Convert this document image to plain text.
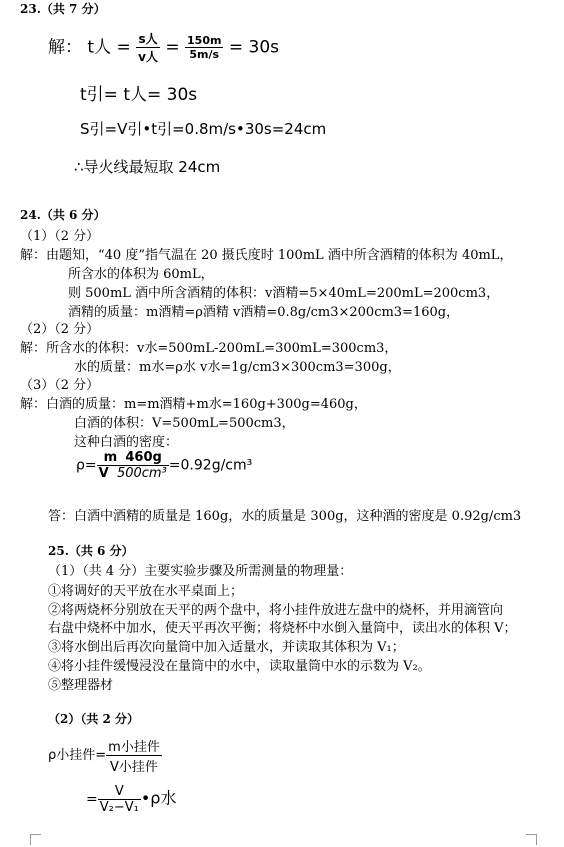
23.（共 7 分）
解： t人 = $\frac{\text{s人}}{\text{v人}} = \frac{150m}{5m/s} = 30s$
t引= t人= 30s
S引=V引•t引=0.8m/s•30s=24cm
∴导火线最短取 24cm
24.（共 6 分）
（1）（2 分）
解：由题知，“40 度”指气温在 20 摄氏度时 100mL 酒中所含酒精的体积为 40mL，
所含水的体积为 60mL，
则 500mL 酒中所含酒精的体积：v酒精=5×40mL=200mL=200cm3，
酒精的质量：m酒精=ρ酒精 v酒精=0.8g/cm3×200cm3=160g，
（2）（2 分）
解：所含水的体积：v水=500mL-200mL=300mL=300cm3，
水的质量：m水=ρ水 v水=1g/cm3×300cm3=300g，
（3）（2 分）
解：白酒的质量：m=m酒精+m水=160g+300g=460g，
白酒的体积：V=500mL=500cm3，
这种白酒的密度：
$\rho= \frac{m 460g}{\text{V 500cm³}} =0.92g/cm^3$
答：白酒中酒精的质量是 160g，水的质量是 300g，这种酒的密度是 0.92g/cm3
25.（共 6 分）
（1）（共 4 分）主要实验步骤及所需测量的物理量：
①将调好的天平放在水平桌面上；
②将两烧杯分别放在天平的两个盘中，将小挂件放进左盘中的烧杯，并用滴管向
右盘中烧杯中加水，使天平再次平衡；将烧杯中水倒入量筒中，读出水的体积 V；
③将水倒出后再次向量筒中加入适量水，并读取其体积为 V₁；
④将小挂件缓慢浸没在量筒中的水中，读取量筒中水的示数为 V₂。
⑤整理器材
（2）（共 2 分）
ρ小挂件= $\frac{\text{m小挂件}}{\text{V小挂件}}$
= $\frac{V}{\text{V₂−V₁}}$ •ρ水
